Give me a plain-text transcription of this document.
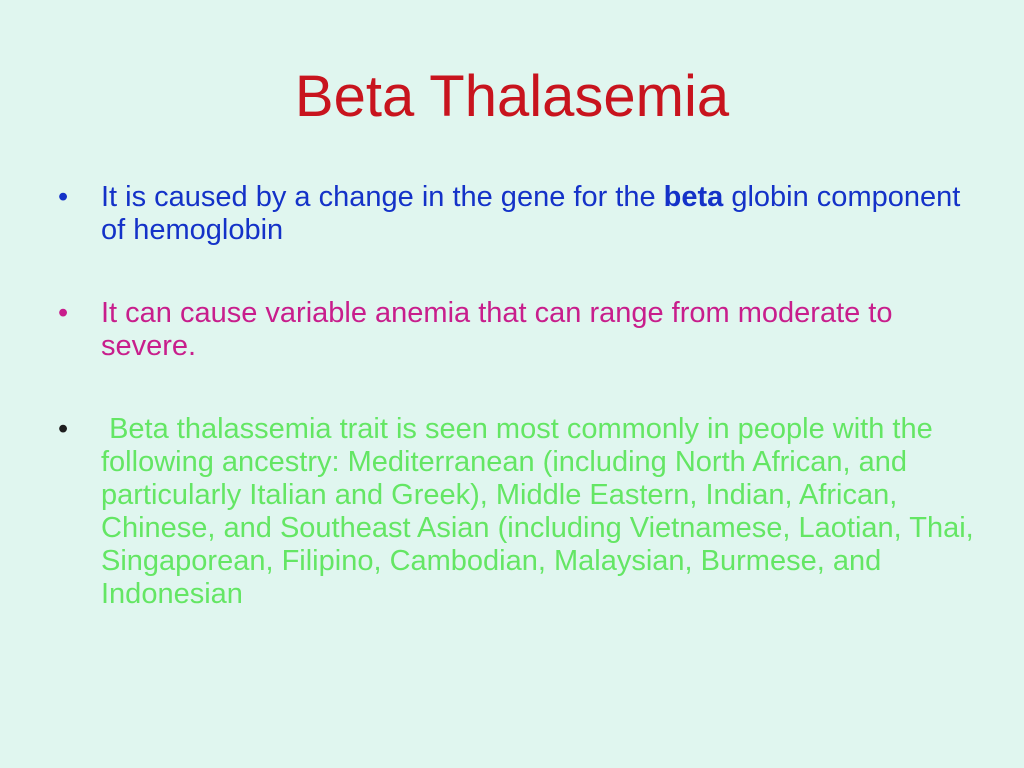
Beta Thalasemia
•	It is caused by a change in the gene for the beta globin component of hemoglobin
•	It can cause variable anemia that can range from moderate to severe.
•	Beta thalassemia trait is seen most commonly in people with the following ancestry: Mediterranean (including North African, and particularly Italian and Greek), Middle Eastern, Indian, African, Chinese, and Southeast Asian (including Vietnamese, Laotian, Thai, Singaporean, Filipino, Cambodian, Malaysian, Burmese, and Indonesian
